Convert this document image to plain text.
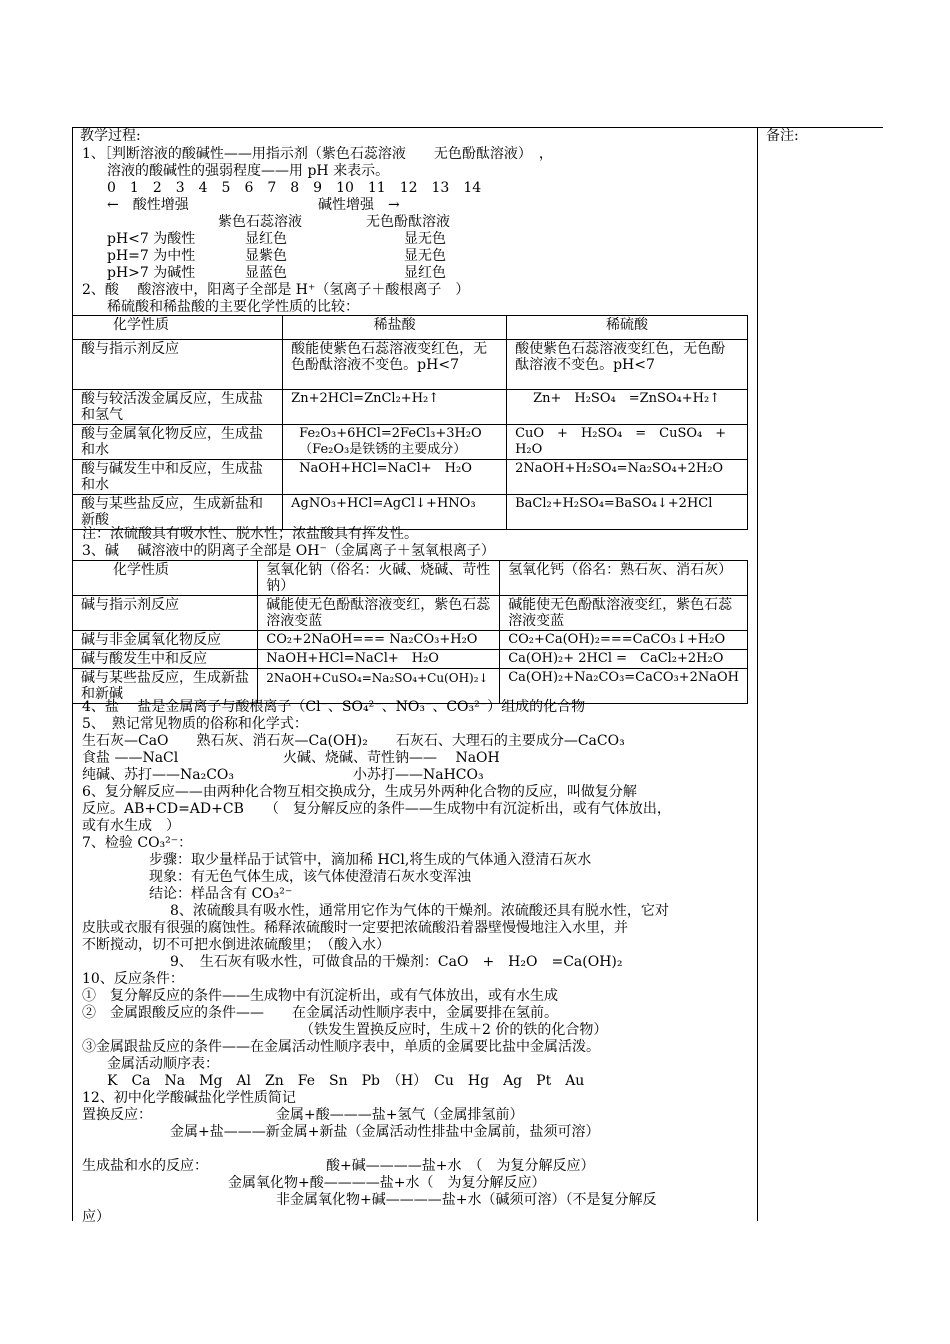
教学过程:	备注:
1、［判断溶液的酸碱性——用指示剂（紫色石蕊溶液　　无色酚酞溶液）　，
溶液的酸碱性的强弱程度——用 pH 来表示。
0　1　2　3　4　5　6　7　8　9　10　11　12　13　14
←　酸性增强	碱性增强　→
紫色石蕊溶液	无色酚酞溶液
pH<7 为酸性	显红色	显无色
pH=7 为中性	显紫色	显无色
pH>7 为碱性	显蓝色	显红色
2、酸　 酸溶液中，阳离子全部是 H⁺（氢离子＋酸根离子　）
稀硫酸和稀盐酸的主要化学性质的比较：
化学性质	稀盐酸	稀硫酸
酸与指示剂反应	酸能使紫色石蕊溶液变红色，无色酚酞溶液不变色。pH<7	酸使紫色石蕊溶液变红色，无色酚酞溶液不变色。pH<7
酸与较活泼金属反应，生成盐和氢气	Zn+2HCl=ZnCl₂+H₂↑	Zn+　H₂SO₄　=ZnSO₄+H₂↑
酸与金属氧化物反应，生成盐和水	Fe₂O₃+6HCl=2FeCl₃+3H₂O（Fe₂O₃是铁锈的主要成分）	CuO　+　H₂SO₄　=　CuSO₄　+　H₂O
酸与碱发生中和反应，生成盐和水	NaOH+HCl=NaCl+　H₂O	2NaOH+H₂SO₄=Na₂SO₄+2H₂O
酸与某些盐反应，生成新盐和新酸	AgNO₃+HCl=AgCl↓+HNO₃	BaCl₂+H₂SO₄=BaSO₄↓+2HCl
注：浓硫酸具有吸水性、脱水性；浓盐酸具有挥发性。
3、碱　 碱溶液中的阴离子全部是 OH⁻（金属离子＋氢氧根离子）
化学性质	氢氧化钠（俗名：火碱、烧碱、苛性钠）	氢氧化钙（俗名：熟石灰、消石灰）
碱与指示剂反应	碱能使无色酚酞溶液变红，紫色石蕊溶液变蓝	碱能使无色酚酞溶液变红，紫色石蕊溶液变蓝
碱与非金属氧化物反应	CO₂+2NaOH=== Na₂CO₃+H₂O	CO₂+Ca(OH)₂===CaCO₃↓+H₂O
碱与酸发生中和反应	NaOH+HCl=NaCl+　H₂O	Ca(OH)₂+ 2HCl =　CaCl₂+2H₂O
碱与某些盐反应，生成新盐和新碱	2NaOH+CuSO₄=Na₂SO₄+Cu(OH)₂↓	Ca(OH)₂+Na₂CO₃=CaCO₃+2NaOH
4、盐　 盐是金属离子与酸根离子（Cl⁻、SO₄²⁻、NO₃⁻、CO₃²⁻）组成的化合物
5、　熟记常见物质的俗称和化学式：
生石灰—CaO　　熟石灰、消石灰—Ca(OH)₂　　石灰石、大理石的主要成分—CaCO₃
食盐 ——NaCl	火碱、烧碱、苛性钠——　 NaOH
纯碱、苏打——Na₂CO₃	小苏打——NaHCO₃
6、复分解反应——由两种化合物互相交换成分，生成另外两种化合物的反应，叫做复分解
反应。AB+CD=AD+CB　　（　复分解反应的条件——生成物中有沉淀析出，或有气体放出，
或有水生成　）
7、检验 CO₃²⁻：
步骤：取少量样品于试管中，滴加稀 HCl,将生成的气体通入澄清石灰水
现象：有无色气体生成，该气体使澄清石灰水变浑浊
结论：样品含有 CO₃²⁻
8、浓硫酸具有吸水性，通常用它作为气体的干燥剂。浓硫酸还具有脱水性，它对
皮肤或衣服有很强的腐蚀性。稀释浓硫酸时一定要把浓硫酸沿着器壁慢慢地注入水里，并
不断搅动，切不可把水倒进浓硫酸里；　（酸入水）
9、　生石灰有吸水性，可做食品的干燥剂：CaO　+　H₂O　=Ca(OH)₂
10、反应条件：
①　复分解反应的条件——生成物中有沉淀析出，或有气体放出，或有水生成
②　金属跟酸反应的条件——　　在金属活动性顺序表中，金属要排在氢前。
（铁发生置换反应时，生成＋2 价的铁的化合物）
③金属跟盐反应的条件——在金属活动性顺序表中，单质的金属要比盐中金属活泼。
金属活动顺序表：
K　Ca　Na　Mg　Al　Zn　Fe　Sn　Pb　（H）　Cu　Hg　Ag　Pt　Au
12、初中化学酸碱盐化学性质简记
置换反应：	金属+酸———盐+氢气（金属排氢前）
金属+盐———新金属+新盐（金属活动性排盐中金属前，盐须可溶）
生成盐和水的反应：	酸+碱————盐+水　（　为复分解反应）
金属氧化物+酸————盐+水（　为复分解反应）
非金属氧化物+碱————盐+水（碱须可溶）（不是复分解反
应）
